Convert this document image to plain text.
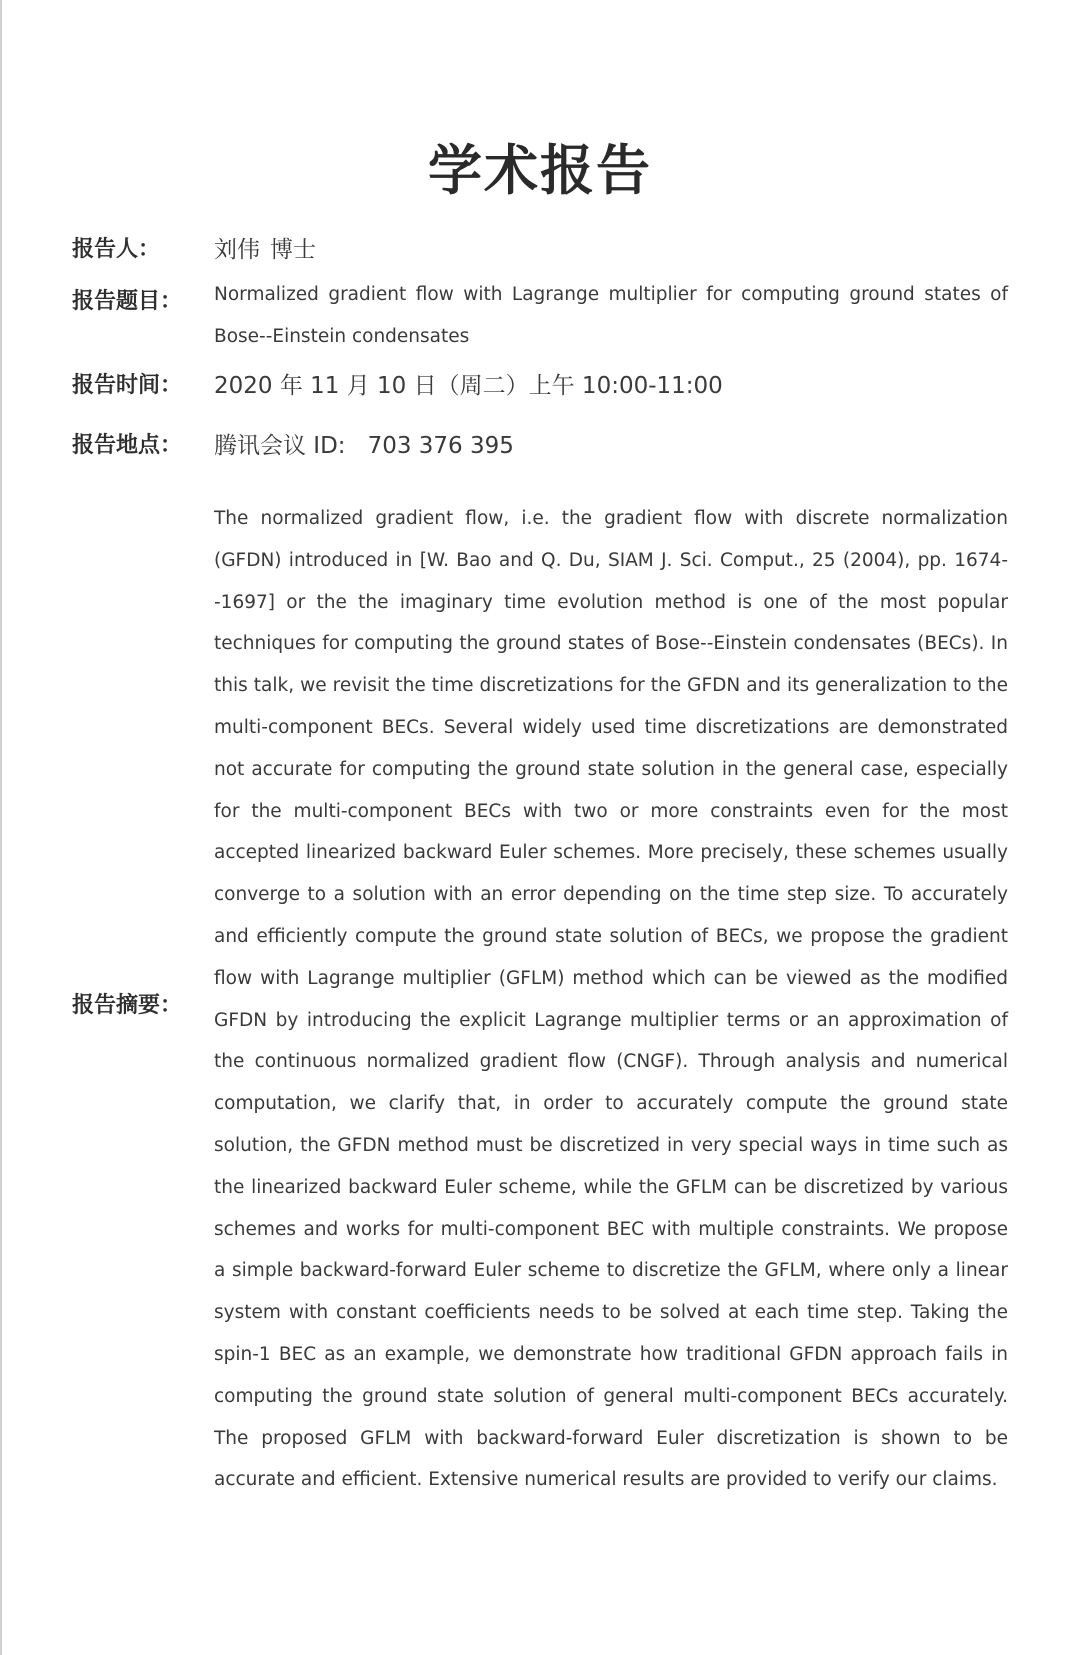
学术报告
报告人： 刘伟 博士
报告题目： Normalized gradient flow with Lagrange multiplier for computing ground states of Bose--Einstein condensates
报告时间： 2020 年 11 月 10 日（周二）上午 10:00-11:00
报告地点： 腾讯会议 ID: 703 376 395
报告摘要：
The normalized gradient flow, i.e. the gradient flow with discrete normalization (GFDN) introduced in [W. Bao and Q. Du, SIAM J. Sci. Comput., 25 (2004), pp. 1674--1697] or the the imaginary time evolution method is one of the most popular techniques for computing the ground states of Bose--Einstein condensates (BECs). In this talk, we revisit the time discretizations for the GFDN and its generalization to the multi-component BECs. Several widely used time discretizations are demonstrated not accurate for computing the ground state solution in the general case, especially for the multi-component BECs with two or more constraints even for the most accepted linearized backward Euler schemes. More precisely, these schemes usually converge to a solution with an error depending on the time step size. To accurately and efficiently compute the ground state solution of BECs, we propose the gradient flow with Lagrange multiplier (GFLM) method which can be viewed as the modified GFDN by introducing the explicit Lagrange multiplier terms or an approximation of the continuous normalized gradient flow (CNGF). Through analysis and numerical computation, we clarify that, in order to accurately compute the ground state solution, the GFDN method must be discretized in very special ways in time such as the linearized backward Euler scheme, while the GFLM can be discretized by various schemes and works for multi-component BEC with multiple constraints. We propose a simple backward-forward Euler scheme to discretize the GFLM, where only a linear system with constant coefficients needs to be solved at each time step. Taking the spin-1 BEC as an example, we demonstrate how traditional GFDN approach fails in computing the ground state solution of general multi-component BECs accurately. The proposed GFLM with backward-forward Euler discretization is shown to be accurate and efficient. Extensive numerical results are provided to verify our claims.
